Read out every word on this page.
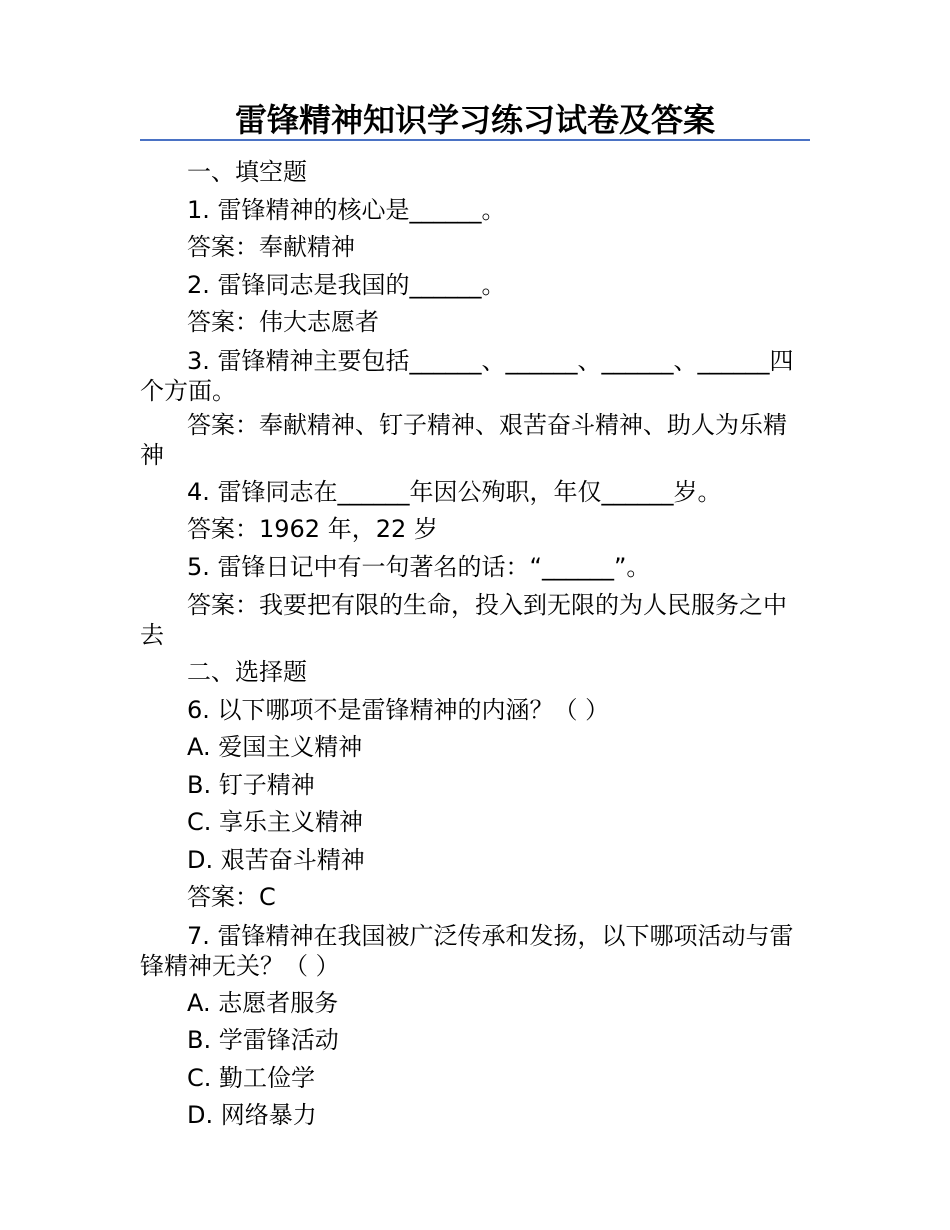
雷锋精神知识学习练习试卷及答案
一、填空题
1. 雷锋精神的核心是______。
答案：奉献精神
2. 雷锋同志是我国的______。
答案：伟大志愿者
3. 雷锋精神主要包括______、______、______、______四个方面。
答案：奉献精神、钉子精神、艰苦奋斗精神、助人为乐精神
4. 雷锋同志在______年因公殉职，年仅______岁。
答案：1962 年，22 岁
5. 雷锋日记中有一句著名的话：“______”。
答案：我要把有限的生命，投入到无限的为人民服务之中去
二、选择题
6. 以下哪项不是雷锋精神的内涵？（ ）
A. 爱国主义精神
B. 钉子精神
C. 享乐主义精神
D. 艰苦奋斗精神
答案：C
7. 雷锋精神在我国被广泛传承和发扬，以下哪项活动与雷锋精神无关？（ ）
A. 志愿者服务
B. 学雷锋活动
C. 勤工俭学
D. 网络暴力
